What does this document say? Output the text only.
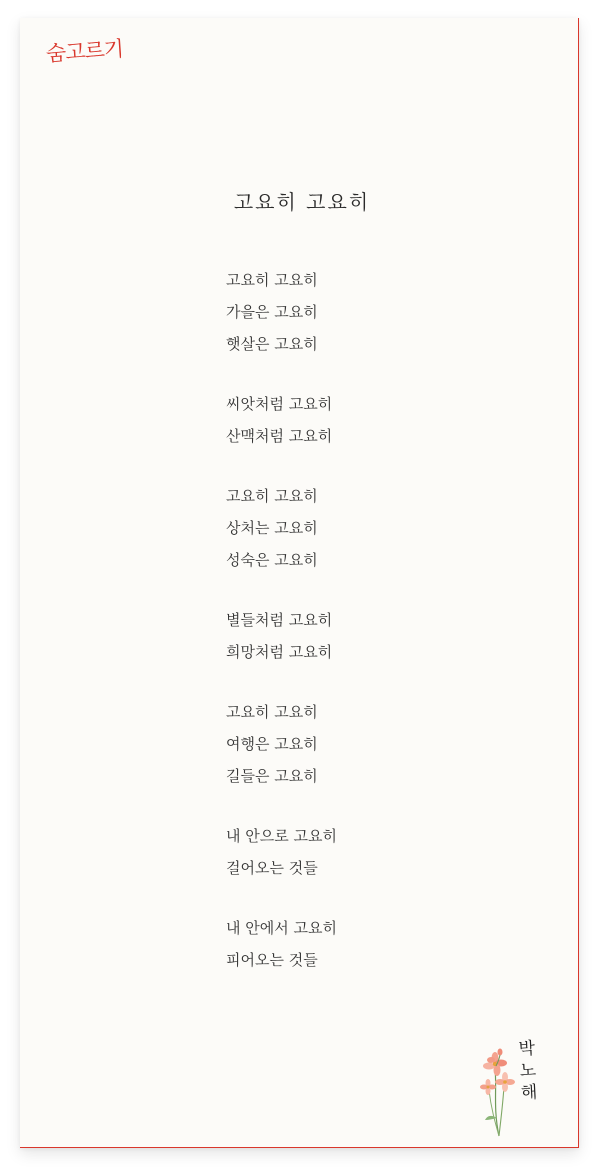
숨고르기
고요히 고요히
고요히 고요히
가을은 고요히
햇살은 고요히
씨앗처럼 고요히
산맥처럼 고요히
고요히 고요히
상처는 고요히
성숙은 고요히
별들처럼 고요히
희망처럼 고요히
고요히 고요히
여행은 고요히
길들은 고요히
내 안으로 고요히
걸어오는 것들
내 안에서 고요히
피어오는 것들
박
노
해
